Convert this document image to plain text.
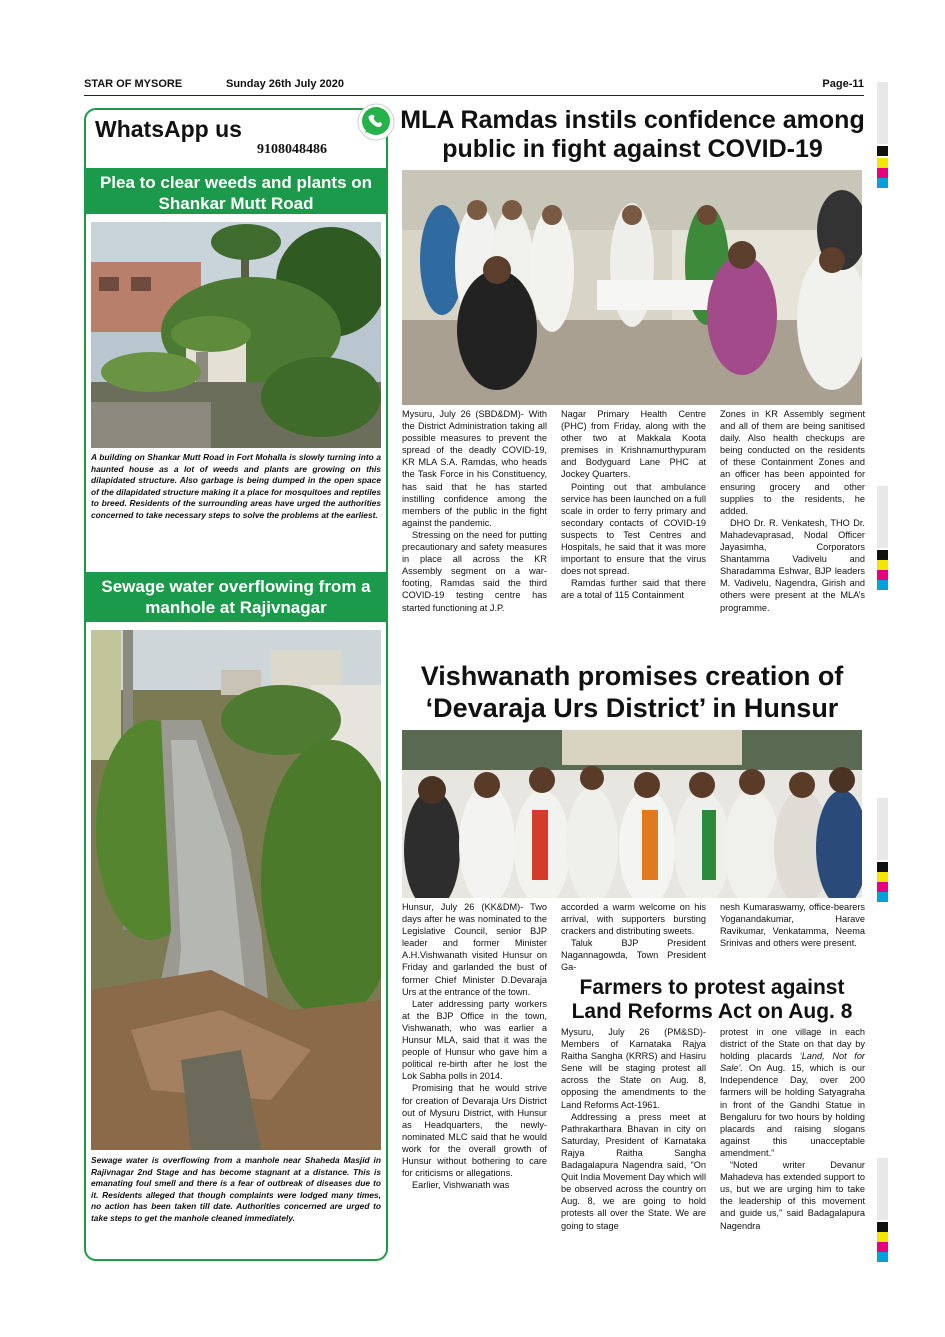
STAR OF MYSORE	Sunday 26th July 2020	Page-11
WhatsApp us
9108048486
Plea to clear weeds and plants on Shankar Mutt Road
A building on Shankar Mutt Road in Fort Mohalla is slowly turning into a haunted house as a lot of weeds and plants are growing on this dilapidated structure. Also garbage is being dumped in the open space of the dilapidated structure making it a place for mosquitoes and reptiles to breed. Residents of the surrounding areas have urged the authorities concerned to take necessary steps to solve the problems at the earliest.
Sewage water overflowing from a manhole at Rajivnagar
Sewage water is overflowing from a manhole near Shaheda Masjid in Rajivnagar 2nd Stage and has become stagnant at a distance. This is emanating foul smell and there is a fear of outbreak of diseases due to it. Residents alleged that though complaints were lodged many times, no action has been taken till date. Authorities concerned are urged to take steps to get the manhole cleaned immediately.
MLA Ramdas instils confidence among public in fight against COVID-19

Mysuru, July 26 (SBD&DM)- With the District Administration taking all possible measures to prevent the spread of the deadly COVID-19, KR MLA S.A. Ramdas, who heads the Task Force in his Constituency, has said that he has started instilling confidence among the members of the public in the fight against the pandemic.

Stressing on the need for putting precautionary and safety measures in place all across the KR Assembly segment on a war-footing, Ramdas said the third COVID-19 testing centre has started functioning at J.P.

Nagar Primary Health Centre (PHC) from Friday, along with the other two at Makkala Koota premises in Krishnamurthypuram and Bodyguard Lane PHC at Jockey Quarters.

Pointing out that ambulance service has been launched on a full scale in order to ferry primary and secondary contacts of COVID-19 suspects to Test Centres and Hospitals, he said that it was more important to ensure that the virus does not spread.

Ramdas further said that there are a total of 115 Containment

Zones in KR Assembly segment and all of them are being sanitised daily. Also health checkups are being conducted on the residents of these Containment Zones and an officer has been appointed for ensuring grocery and other supplies to the residents, he added.

DHO Dr. R. Venkatesh, THO Dr. Mahadevaprasad, Nodal Officer Jayasimha, Corporators Shantamma Vadivelu and Sharadamma Eshwar, BJP leaders M. Vadivelu, Nagendra, Girish and others were present at the MLA’s programme.

Vishwanath promises creation of ‘Devaraja Urs District’ in Hunsur

Hunsur, July 26 (KK&DM)- Two days after he was nominated to the Legislative Council, senior BJP leader and former Minister A.H.Vishwanath visited Hunsur on Friday and garlanded the bust of former Chief Minister D.Devaraja Urs at the entrance of the town.

Later addressing party workers at the BJP Office in the town, Vishwanath, who was earlier a Hunsur MLA, said that it was the people of Hunsur who gave him a political re-birth after he lost the Lok Sabha polls in 2014.

Promising that he would strive for creation of Devaraja Urs District out of Mysuru District, with Hunsur as Headquarters, the newly-nominated MLC said that he would work for the overall growth of Hunsur without bothering to care for criticisms or allegations.

Earlier, Vishwanath was

accorded a warm welcome on his arrival, with supporters bursting crackers and distributing sweets.

Taluk BJP President Nagannagowda, Town President Ga-

nesh Kumaraswamy, office-bearers Yoganandakumar, Harave Ravikumar, Venkatamma, Neema Srinivas and others were present.

Farmers to protest against Land Reforms Act on Aug. 8

Mysuru, July 26 (PM&SD)- Members of Karnataka Rajya Raitha Sangha (KRRS) and Hasiru Sene will be staging protest all across the State on Aug. 8, opposing the amendments to the Land Reforms Act-1961.

Addressing a press meet at Pathrakarthara Bhavan in city on Saturday, President of Karnataka Rajya Raitha Sangha Badagalapura Nagendra said, "On Quit India Movement Day which will be observed across the country on Aug. 8, we are going to hold protests all over the State. We are going to stage

protest in one village in each district of the State on that day by holding placards ‘Land, Not for Sale’. On Aug. 15, which is our Independence Day, over 200 farmers will be holding Satyagraha in front of the Gandhi Statue in Bengaluru for two hours by holding placards and raising slogans against this unacceptable amendment.”

“Noted writer Devanur Mahadeva has extended support to us, but we are urging him to take the leadership of this movement and guide us,” said Badagalapura Nagendra
